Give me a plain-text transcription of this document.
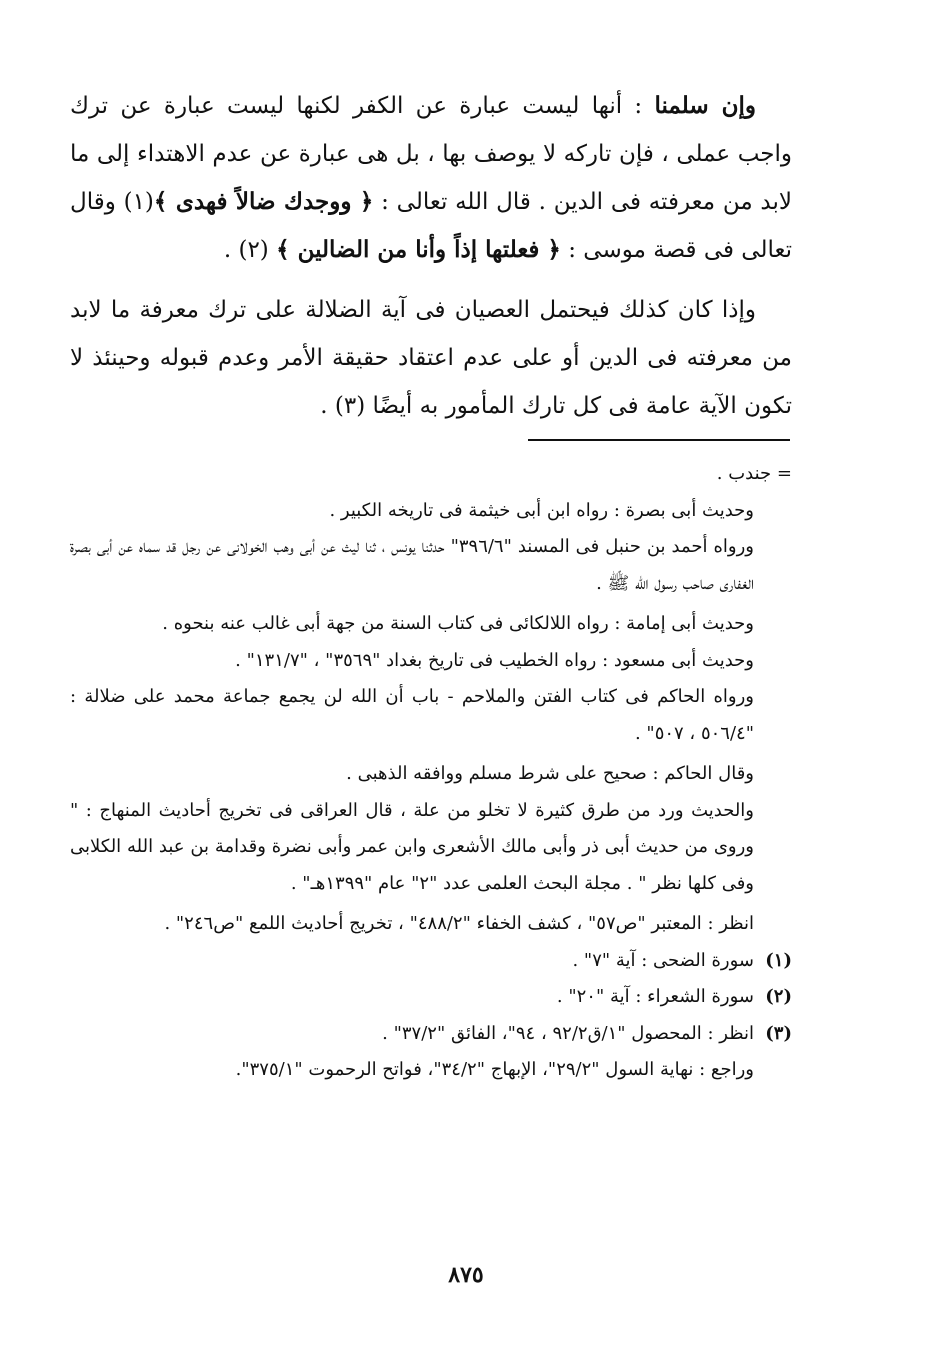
وإن سلمنا : أنها ليست عبارة عن الكفر لكنها ليست عبارة عن ترك واجب عملى ، فإن تاركه لا يوصف بها ، بل هى عبارة عن عدم الاهتداء إلى ما لابد من معرفته فى الدين . قال الله تعالى : ﴿ ووجدك ضالاً فهدى ﴾(١) وقال تعالى فى قصة موسى : ﴿ فعلتها إذاً وأنا من الضالين ﴾ (٢) .

وإذا كان كذلك فيحتمل العصيان فى آية الضلالة على ترك معرفة ما لابد من معرفته فى الدين أو على عدم اعتقاد حقيقة الأمر وعدم قبوله وحينئذ لا تكون الآية عامة فى كل تارك المأمور به أيضًا (٣) .

= جندب .

وحديث أبى بصرة : رواه ابن أبى خيثمة فى تاريخه الكبير .

ورواه أحمد بن حنبل فى المسند "٣٩٦/٦" حدثنا يونس ، ثنا ليث عن أبى وهب الخولانى عن رجل قد سماه عن أبى بصرة الغفارى صاحب رسول الله ﷺ .

وحديث أبى إمامة : رواه اللالكائى فى كتاب السنة من جهة أبى غالب عنه بنحوه .

وحديث أبى مسعود : رواه الخطيب فى تاريخ بغداد "٣٥٦٩" ، "١٣١/٧" .

ورواه الحاكم فى كتاب الفتن والملاحم - باب أن الله لن يجمع جماعة محمد على ضلالة : "٥٠٦/٤ ، ٥٠٧" .

وقال الحاكم : صحيح على شرط مسلم ووافقه الذهبى .

والحديث ورد من طرق كثيرة لا تخلو من علة ، قال العراقى فى تخريج أحاديث المنهاج : " وروى من حديث أبى ذر وأبى مالك الأشعرى وابن عمر وأبى نضرة وقدامة بن عبد الله الكلابى وفى كلها نظر " . مجلة البحث العلمى عدد "٢" عام "١٣٩٩هـ" .

انظر : المعتبر "ص٥٧" ، كشف الخفاء "٤٨٨/٢" ، تخريج أحاديث اللمع "ص٢٤٦" .

(١)سورة الضحى : آية "٧" .

(٢)سورة الشعراء : آية "٢٠" .

(٣)انظر : المحصول "١/ق٩٢/٢ ، ٩٤"، الفائق "٣٧/٢" .

وراجع : نهاية السول "٢٩/٢"، الإبهاج "٣٤/٢"، فواتح الرحموت "٣٧٥/١".

٨٧٥
